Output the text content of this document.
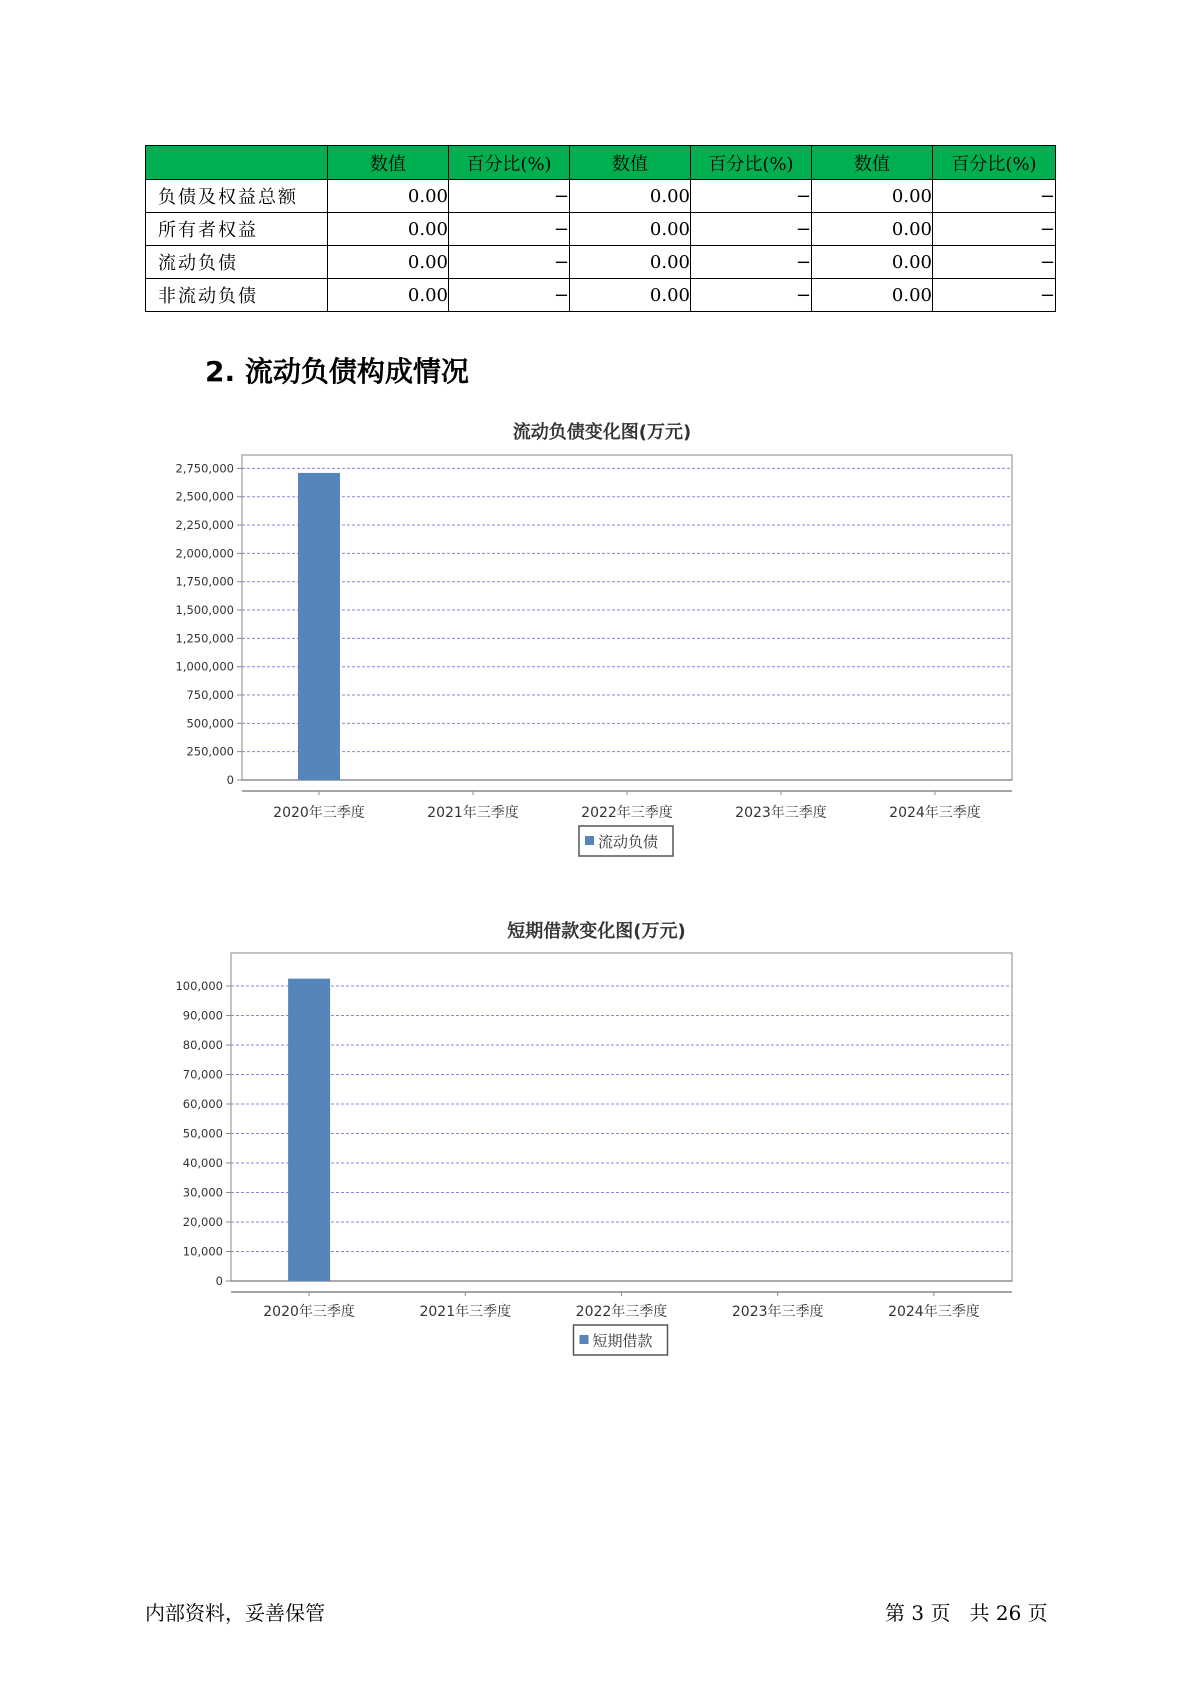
	数值	百分比(%)	数值	百分比(%)	数值	百分比(%)
负债及权益总额	0.00	−	0.00	−	0.00	−
所有者权益	0.00	−	0.00	−	0.00	−
流动负债	0.00	−	0.00	−	0.00	−
非流动负债	0.00	−	0.00	−	0.00	−
2. 流动负债构成情况
流动负债变化图(万元)
0
250,000
500,000
750,000
1,000,000
1,250,000
1,500,000
1,750,000
2,000,000
2,250,000
2,500,000
2,750,000
2020年三季度	2021年三季度	2022年三季度	2023年三季度	2024年三季度
流动负债
短期借款变化图(万元)
0
10,000
20,000
30,000
40,000
50,000
60,000
70,000
80,000
90,000
100,000
2020年三季度	2021年三季度	2022年三季度	2023年三季度	2024年三季度
短期借款
内部资料，妥善保管	第 3 页   共 26 页
